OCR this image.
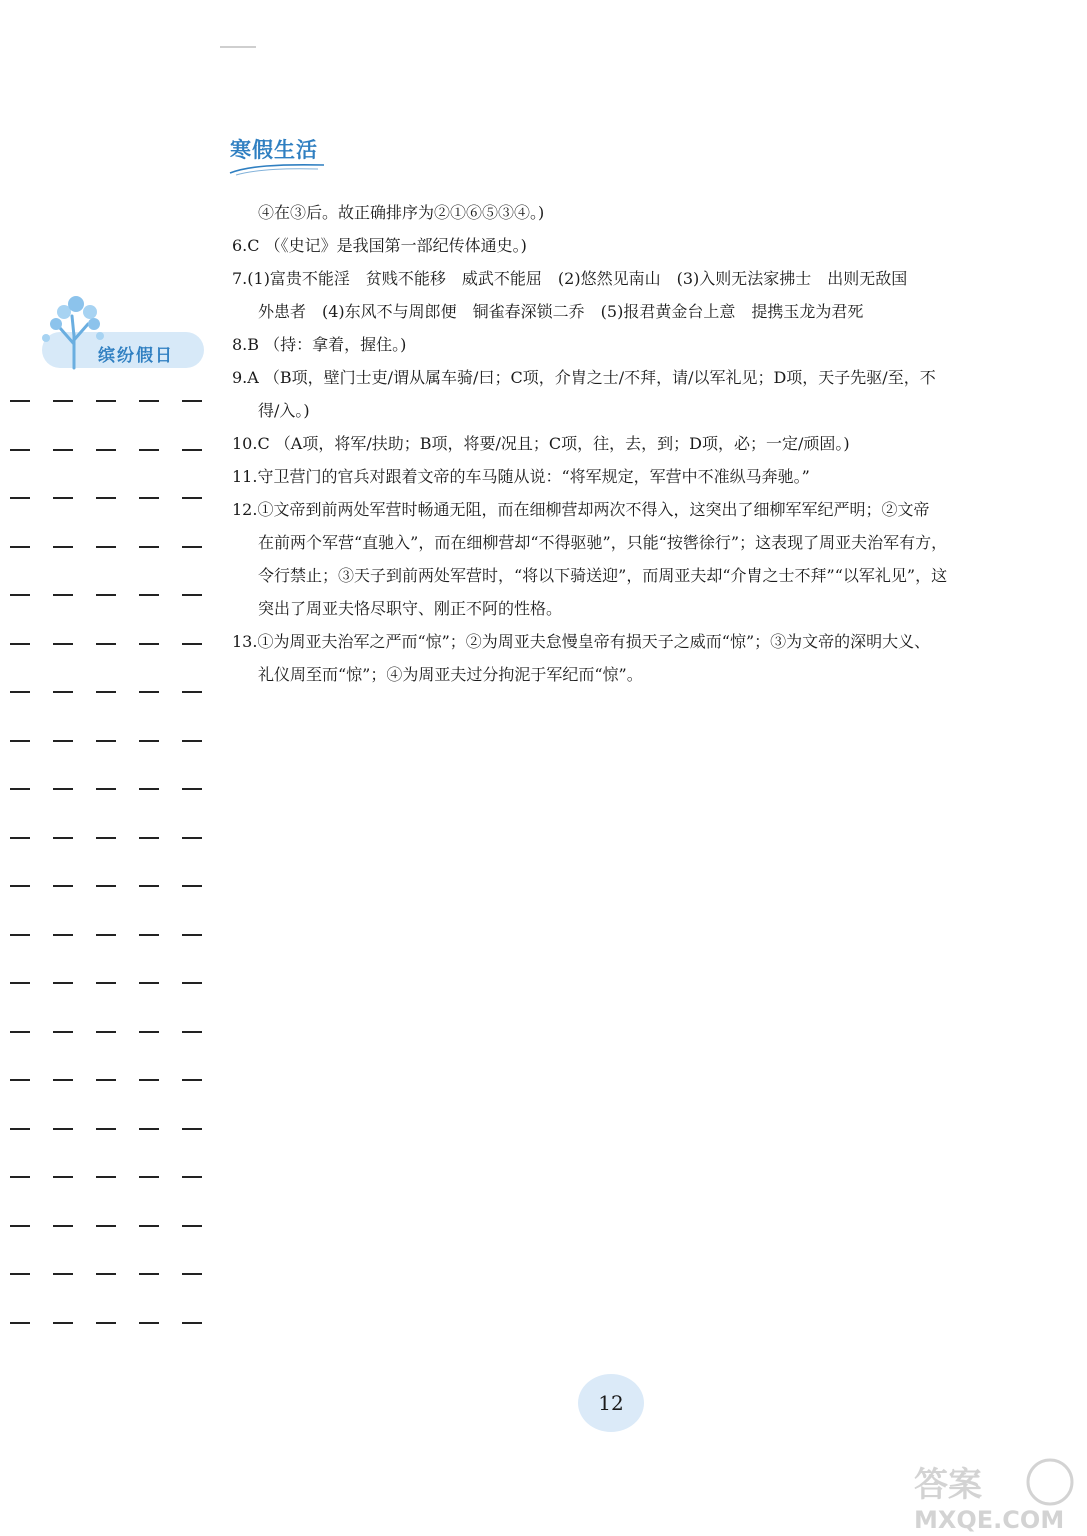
寒假生活
缤纷假日

④在③后。故正确排序为②①⑥⑤③④。)

6.C （《史记》是我国第一部纪传体通史。)

7.(1)富贵不能淫　贫贱不能移　威武不能屈　(2)悠然见南山　(3)入则无法家拂士　出则无敌国

外患者　(4)东风不与周郎便　铜雀春深锁二乔　(5)报君黄金台上意　提携玉龙为君死

8.B （持：拿着，握住。)

9.A （B项，壁门士吏/谓从属车骑/曰；C项，介胄之士/不拜，请/以军礼见；D项，天子先驱/至，不

得/入。)

10.C （A项，将军/扶助；B项，将要/况且；C项，往，去，到；D项，必；一定/顽固。)

11.守卫营门的官兵对跟着文帝的车马随从说：“将军规定，军营中不准纵马奔驰。”

12.①文帝到前两处军营时畅通无阻，而在细柳营却两次不得入，这突出了细柳军军纪严明；②文帝

在前两个军营“直驰入”，而在细柳营却“不得驱驰”，只能“按辔徐行”；这表现了周亚夫治军有方，

令行禁止；③天子到前两处军营时，“将以下骑送迎”，而周亚夫却“介胄之士不拜”“以军礼见”，这

突出了周亚夫恪尽职守、刚正不阿的性格。

13.①为周亚夫治军之严而“惊”；②为周亚夫怠慢皇帝有损天子之威而“惊”；③为文帝的深明大义、

礼仪周至而“惊”；④为周亚夫过分拘泥于军纪而“惊”。

12
答案
MXQE.COM
